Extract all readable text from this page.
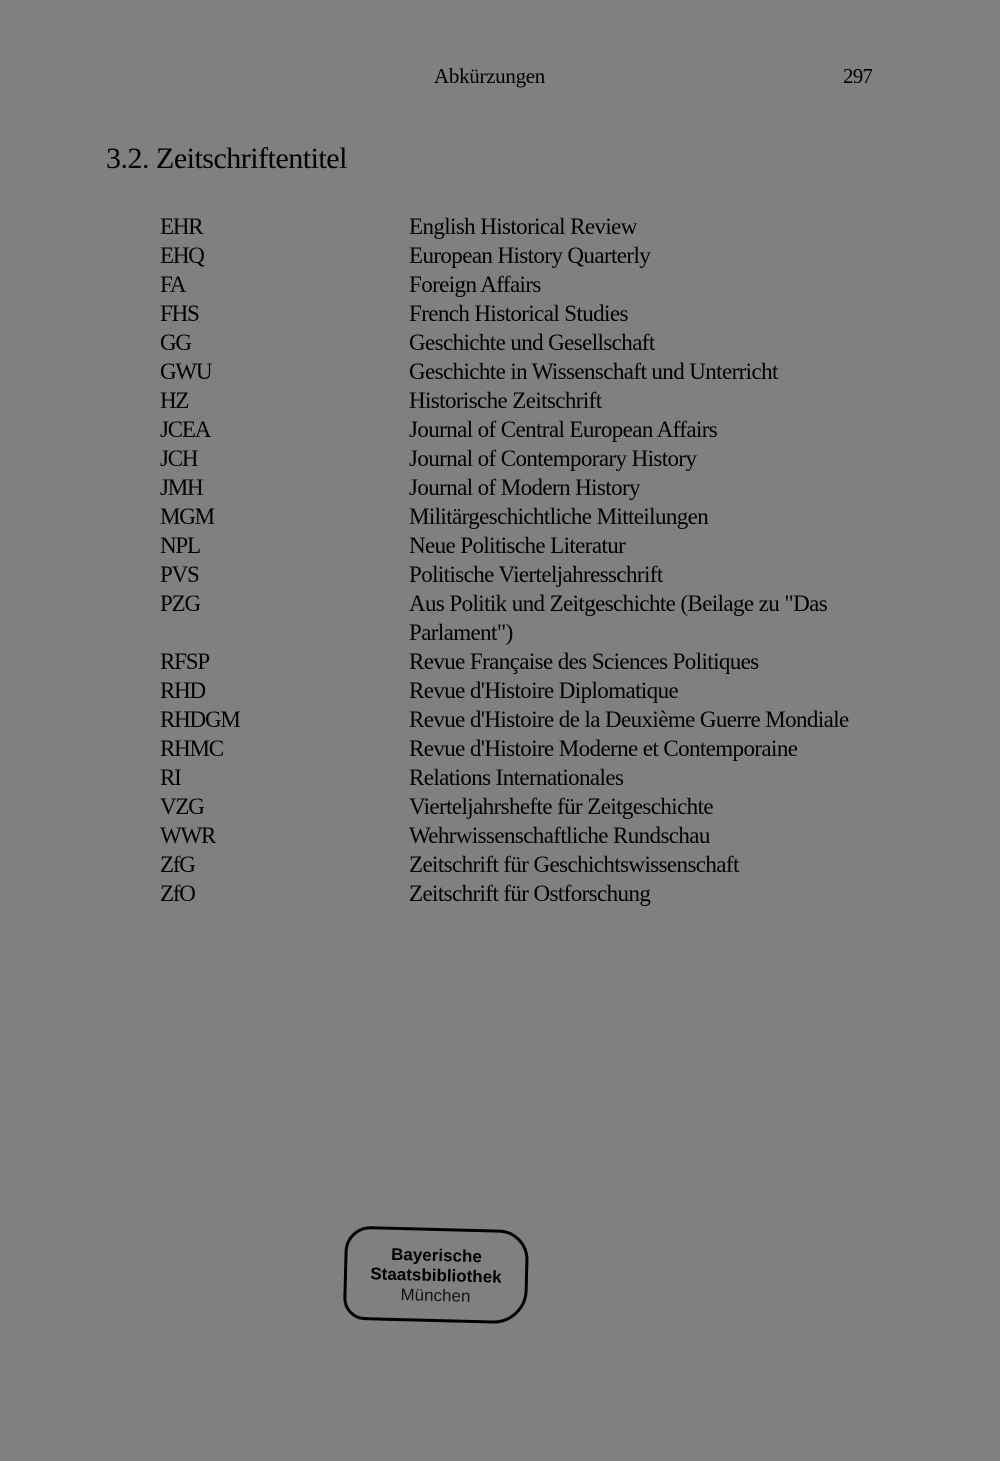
Abkürzungen	297
3.2. Zeitschriftentitel
EHR	English Historical Review
EHQ	European History Quarterly
FA	Foreign Affairs
FHS	French Historical Studies
GG	Geschichte und Gesellschaft
GWU	Geschichte in Wissenschaft und Unterricht
HZ	Historische Zeitschrift
JCEA	Journal of Central European Affairs
JCH	Journal of Contemporary History
JMH	Journal of Modern History
MGM	Militärgeschichtliche Mitteilungen
NPL	Neue Politische Literatur
PVS	Politische Vierteljahresschrift
PZG	Aus Politik und Zeitgeschichte (Beilage zu "Das Parlament")
RFSP	Revue Française des Sciences Politiques
RHD	Revue d'Histoire Diplomatique
RHDGM	Revue d'Histoire de la Deuxième Guerre Mondiale
RHMC	Revue d'Histoire Moderne et Contemporaine
RI	Relations Internationales
VZG	Vierteljahrshefte für Zeitgeschichte
WWR	Wehrwissenschaftliche Rundschau
ZfG	Zeitschrift für Geschichtswissenschaft
ZfO	Zeitschrift für Ostforschung
Bayerische
Staatsbibliothek
München
